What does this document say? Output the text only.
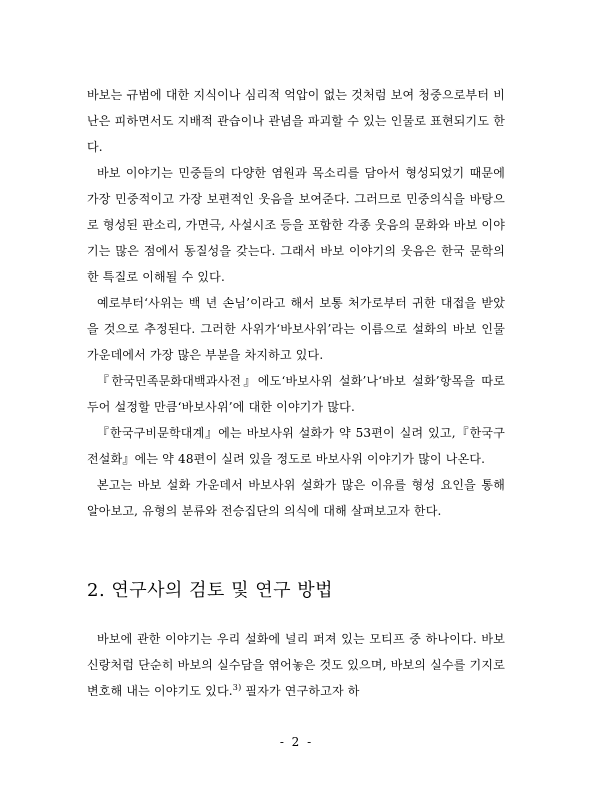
바보는 규범에 대한 지식이나 심리적 억압이 없는 것처럼 보여 청중으로부터 비난은 피하면서도 지배적 관습이나 관념을 파괴할 수 있는 인물로 표현되기도 한다.

바보 이야기는 민중들의 다양한 염원과 목소리를 담아서 형성되었기 때문에 가장 민중적이고 가장 보편적인 웃음을 보여준다. 그러므로 민중의식을 바탕으로 형성된 판소리, 가면극, 사설시조 등을 포함한 각종 웃음의 문화와 바보 이야기는 많은 점에서 동질성을 갖는다. 그래서 바보 이야기의 웃음은 한국 문학의 한 특질로 이해될 수 있다.

예로부터‘사위는 백 년 손님’이라고 해서 보통 처가로부터 귀한 대접을 받았을 것으로 추정된다. 그러한 사위가‘바보사위’라는 이름으로 설화의 바보 인물 가운데에서 가장 많은 부분을 차지하고 있다.

『한국민족문화대백과사전』에도‘바보사위 설화’나‘바보 설화’항목을 따로 두어 설정할 만큼‘바보사위’에 대한 이야기가 많다.

『한국구비문학대계』에는 바보사위 설화가 약 53편이 실려 있고,『한국구전설화』에는 약 48편이 실려 있을 정도로 바보사위 이야기가 많이 나온다.

본고는 바보 설화 가운데서 바보사위 설화가 많은 이유를 형성 요인을 통해 알아보고, 유형의 분류와 전승집단의 의식에 대해 살펴보고자 한다.

2. 연구사의 검토 및 연구 방법

바보에 관한 이야기는 우리 설화에 널리 퍼져 있는 모티프 중 하나이다. 바보 신랑처럼 단순히 바보의 실수담을 엮어놓은 것도 있으며, 바보의 실수를 기지로 변호해 내는 이야기도 있다.$^{3)}$ 필자가 연구하고자 하

- 2 -
